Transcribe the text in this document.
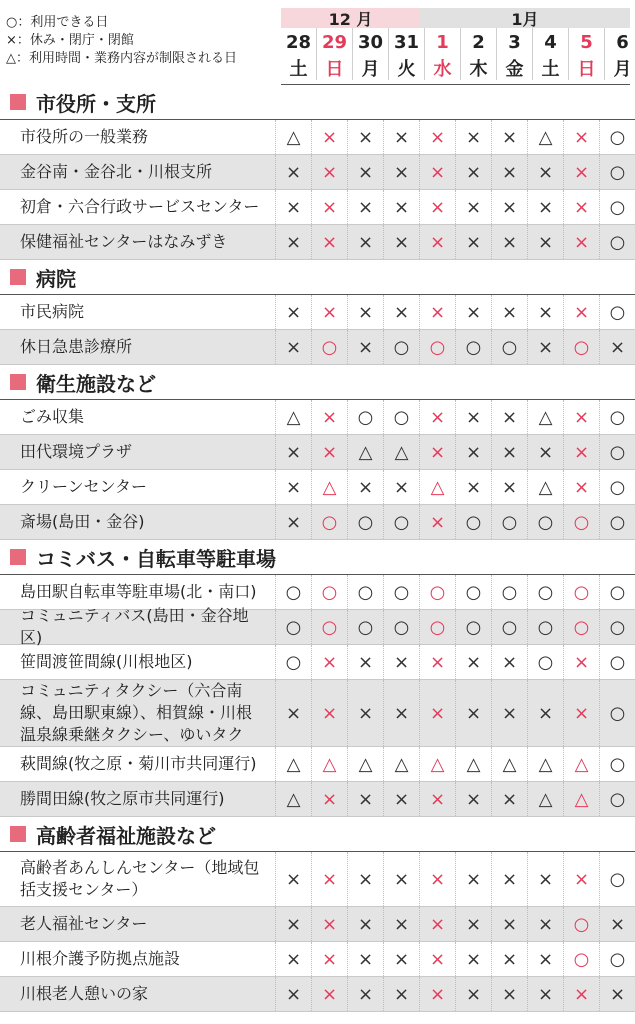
○：利用できる日
×：休み・閉庁・閉館
△：利用時間・業務内容が制限される日
12 月	1月
28 29 30 31 1	2	3	4	5	6
土	日	月	火	水	木	金	土	日	月
市役所・支所
市役所の一般業務	△	×	×	×	×	×	×	△	×	○
金谷南・金谷北・川根支所	×	×	×	×	×	×	×	×	×	○
初倉・六合行政サービスセンター	×	×	×	×	×	×	×	×	×	○
保健福祉センターはなみずき	×	×	×	×	×	×	×	×	×	○
病院
市民病院	×	×	×	×	×	×	×	×	×	○
休日急患診療所	×	○	×	○	○	○	○	×	○	×
衛生施設など
ごみ収集	△	×	○	○	×	×	×	△	×	○
田代環境プラザ	×	×	△	△	×	×	×	×	×	○
クリーンセンター	×	△	×	×	△	×	×	△	×	○
斎場(島田・金谷)	×	○	○	○	×	○	○	○	○	○
コミバス・自転車等駐車場
島田駅自転車等駐車場(北・南口)	○	○	○	○	○	○	○	○	○	○
コミュニティバス(島田・金谷地区)	○	○	○	○	○	○	○	○	○	○
笹間渡笹間線(川根地区)	○	×	×	×	×	×	×	○	×	○
コミュニティタクシー（六合南線、島田駅東線）、相賀線・川根温泉線乗継タクシー、ゆいタク
×	×	×	×	×	×	×	×	×	○
萩間線(牧之原・菊川市共同運行)	△	△	△	△	△	△	△	△	△	○
勝間田線(牧之原市共同運行)	△	×	×	×	×	×	×	△	△	○
高齢者福祉施設など
高齢者あんしんセンター（地域包括支援センター）	×	×	×	×	×	×	×	×	×	○
老人福祉センター	×	×	×	×	×	×	×	×	○	×
川根介護予防拠点施設	×	×	×	×	×	×	×	×	○	○
川根老人憩いの家	×	×	×	×	×	×	×	×	×	×
